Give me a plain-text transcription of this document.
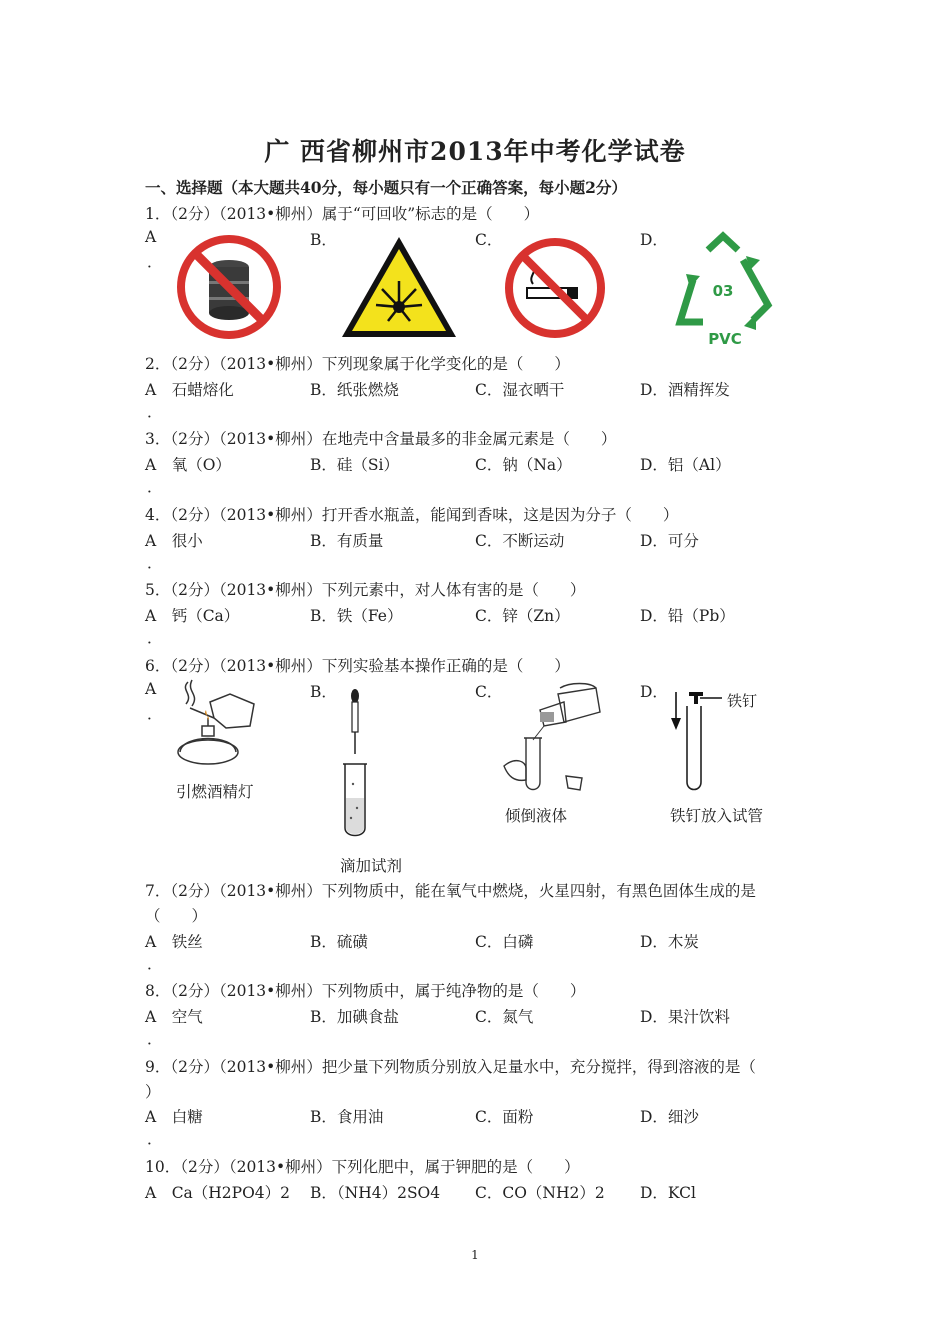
广 西省柳州市2013年中考化学试卷
一、选择题（本大题共40分，每小题只有一个正确答案，每小题2分）
1．（2分）（2013•柳州）属于“可回收”标志的是（　　）
A
．
B．	C．	D．
03
PVC
2．（2分）（2013•柳州）下列现象属于化学变化的是（　　）
A　石蜡熔化
．
B．纸张燃烧	C．湿衣晒干	D．酒精挥发
3．（2分）（2013•柳州）在地壳中含量最多的非金属元素是（　　）
A　氧（O）
．
B．硅（Si）	C．钠（Na）	D．铝（Al）
4．（2分）（2013•柳州）打开香水瓶盖，能闻到香味，这是因为分子（　　）
A　很小
．
B．有质量	C．不断运动	D．可分
5．（2分）（2013•柳州）下列元素中，对人体有害的是（　　）
A　钙（Ca）
．
B．铁（Fe）	C．锌（Zn）	D．铅（Pb）
6．（2分）（2013•柳州）下列实验基本操作正确的是（　　）
A
．
B．	C．	D．
引燃酒精灯
滴加试剂
倾倒液体
铁钉
铁钉放入试管
7．（2分）（2013•柳州）下列物质中，能在氧气中燃烧，火星四射，有黑色固体生成的是
（　　）
A　铁丝
．
B．硫磺	C．白磷	D．木炭
8．（2分）（2013•柳州）下列物质中，属于纯净物的是（　　）
A　空气
．
B．加碘食盐	C．氮气	D．果汁饮料
9．（2分）（2013•柳州）把少量下列物质分别放入足量水中，充分搅拌，得到溶液的是（
）
A　白糖
．
B．食用油	C．面粉	D．细沙
10．（2分）（2013•柳州）下列化肥中，属于钾肥的是（　　）
A　Ca（H2PO4）2 B．（NH4）2SO4 C．CO（NH2）2 D．KCl
1
